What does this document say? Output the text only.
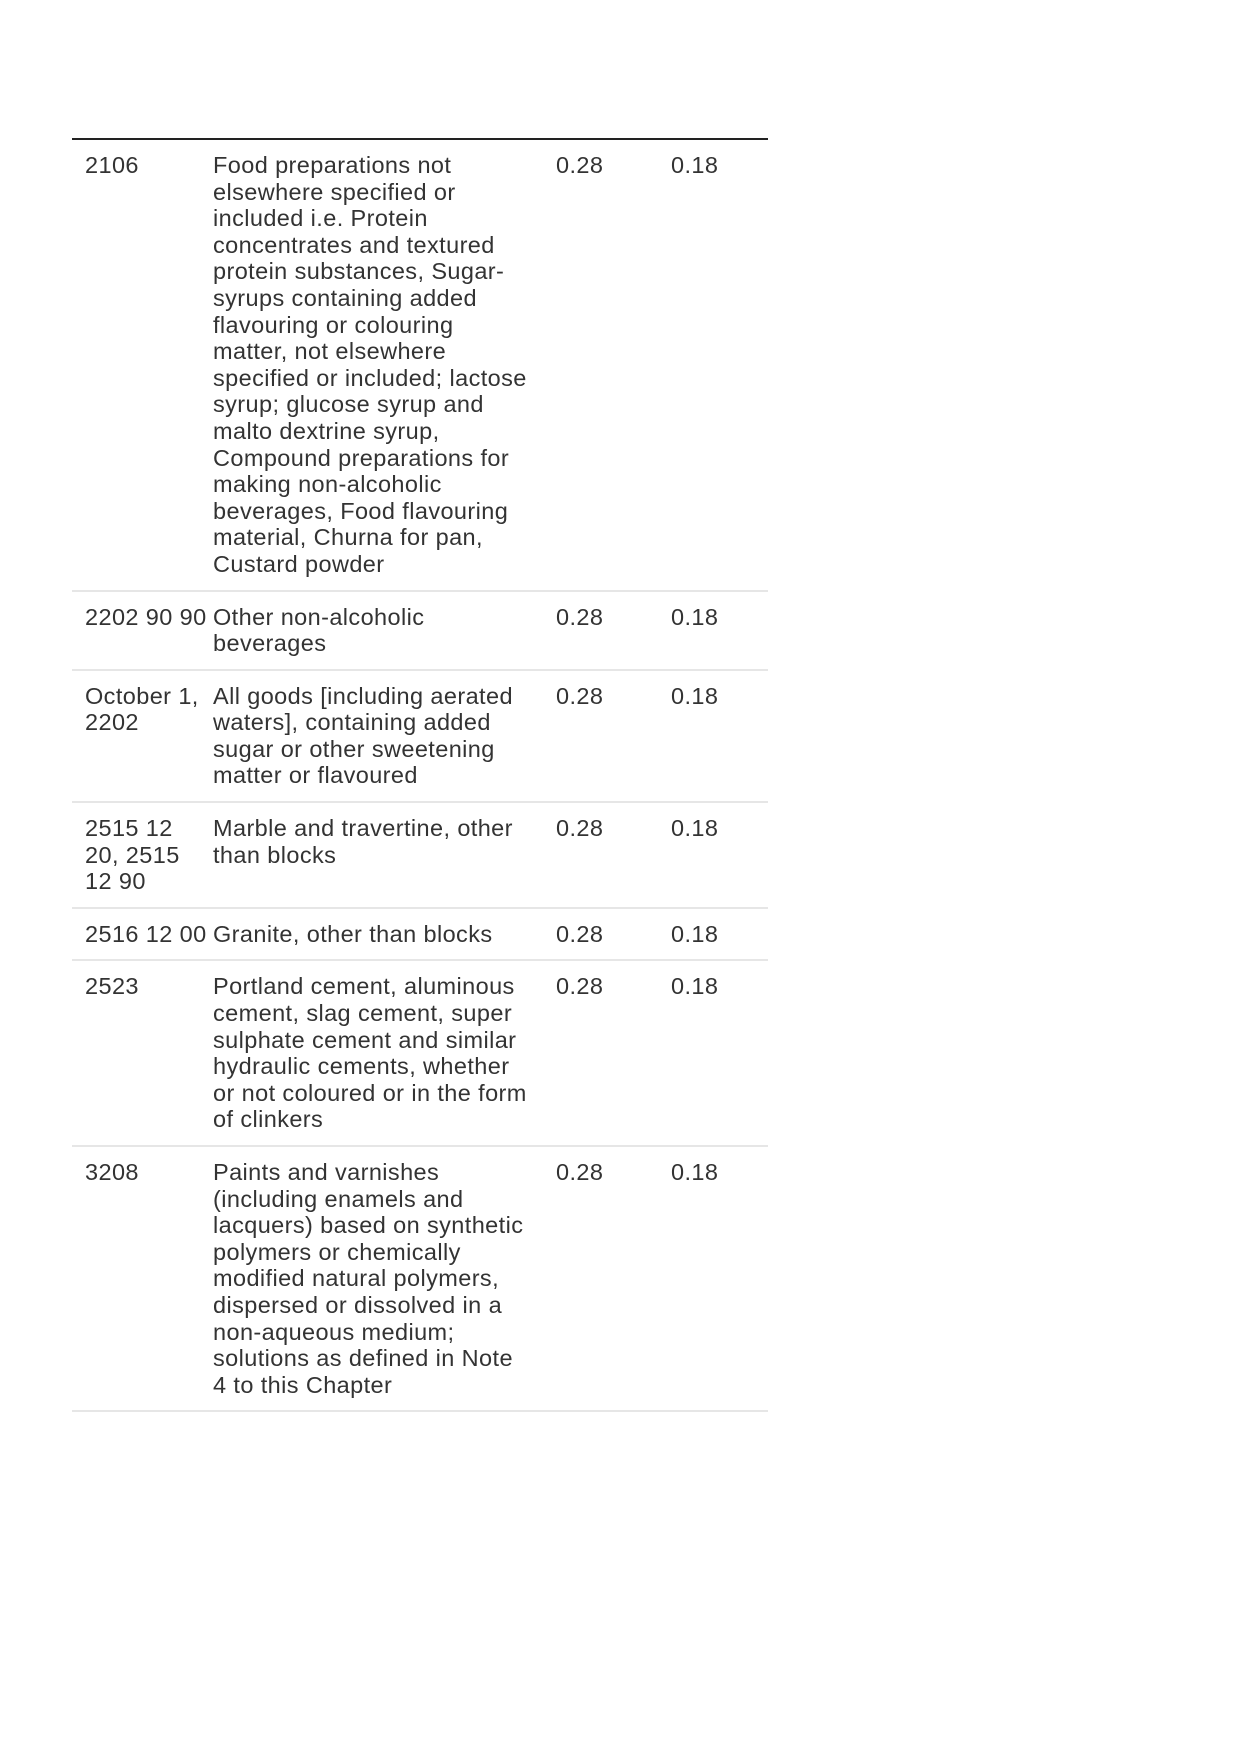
2106	Food preparations not elsewhere specified or included i.e. Protein concentrates and textured protein substances, Sugar-syrups containing added flavouring or colouring matter, not elsewhere specified or included; lactose syrup; glucose syrup and malto dextrine syrup, Compound preparations for making non-alcoholic beverages, Food flavouring material, Churna for pan, Custard powder	0.28	0.18
2202 90 90	Other non-alcoholic beverages	0.28	0.18
October 1, 2202	All goods [including aerated waters], containing added sugar or other sweetening matter or flavoured	0.28	0.18
2515 12 20, 2515 12 90	Marble and travertine, other than blocks	0.28	0.18
2516 12 00	Granite, other than blocks	0.28	0.18
2523	Portland cement, aluminous cement, slag cement, super sulphate cement and similar hydraulic cements, whether or not coloured or in the form of clinkers	0.28	0.18
3208	Paints and varnishes (including enamels and lacquers) based on synthetic polymers or chemically modified natural polymers, dispersed or dissolved in a non-aqueous medium; solutions as defined in Note 4 to this Chapter	0.28	0.18
